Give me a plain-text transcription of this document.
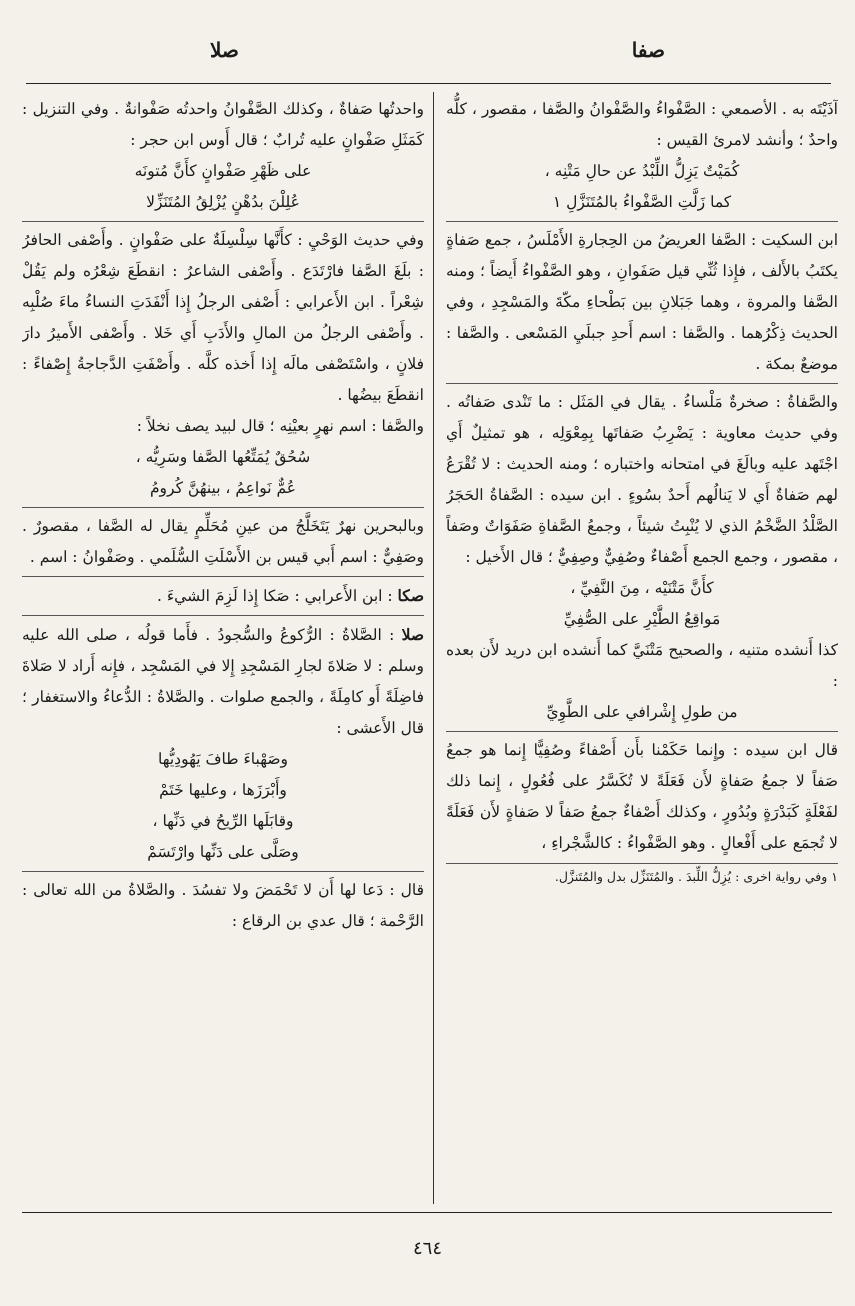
صفا
صلا

آذَيْتَه به . الأصمعي : الصَّفْواءُ والصَّفْوانُ والصَّفا ، مقصور ، كلُّه واحدٌ ؛ وأنشد لامرئ القيس :

كُمَيْتٌ يَزِلُّ اللِّبْدُ عن حالِ مَتْنِه ،
كما زَلَّتِ الصَّفْواءُ بالمُتَنَزَّلِ ١

ابن السكيت : الصَّفا العريضُ من الحِجارةِ الأَمْلَسُ ، جمع صَفاةٍ يكتَبُ بالأَلف ، فإِذا ثُنِّي قيل صَفَوانِ ، وهو الصَّفْواءُ أَيضاً ؛ ومنه الصَّفا والمروة ، وهما جَبَلانِ بين بَطْحاءِ مكّةَ والمَسْجِدِ ، وفي الحديث ذِكْرُهما . والصَّفا : اسم أَحدِ جبلَيِ المَسْعى . والصَّفا : موضعٌ بمكة .

والصَّفاةُ : صخرةٌ مَلْساءُ . يقال في المَثَل : ما تَنْدى صَفاتُه . وفي حديث معاوية : يَضْرِبُ صَفاتَها بِمِعْوَلِه ، هو تمثيلٌ أَي اجْتَهد عليه وبالَغَ في امتحانه واختباره ؛ ومنه الحديث : لا تُقْرَعُ لهم صَفاةٌ أَي لا يَنالُهم أَحدٌ بسُوءٍ . ابن سيده : الصَّفاةُ الحَجَرُ الصَّلْدُ الضَّخْمُ الذي لا يُنْبِتُ شيئاً ، وجمعُ الصَّفاةِ صَفَوَاتٌ وصَفاً ، مقصور ، وجمع الجمع أَصْفاءٌ وصُفِيٌّ وصِفِيٌّ ؛ قال الأَخيل :

كأَنَّ مَتْنَيْه ، مِنَ النَّفِيِّ ،
مَواقِعُ الطَّيْرِ على الصُّفِيِّ

كذا أَنشده متنيه ، والصحيح مَتْنَيَّ كما أَنشده ابن دريد لأَن بعده :

من طولِ إِشْرافي على الطَّوِيِّ

قال ابن سيده : وإِنما حَكَمْنا بأَن أَصْفاءً وصُفِيًّا إِنما هو جمعُ صَفاً لا جمعُ صَفاةٍ لأَن فَعَلَةً لا تُكَسَّرُ على فُعُولٍ ، إِنما ذلك لفَعْلَةٍ كَبَدْرَةٍ وبُدُورٍ ، وكذلك أَصْفاءٌ جمعُ صَفاً لا صَفاةٍ لأَن فَعَلَةً لا تُجمَع على أَفْعالٍ . وهو الصَّفْواءُ : كالشَّجْراءِ ،

١ وفي رواية اخرى : يُزِلُّ اللِّبدَ . والمُتَنَزِّل بدل والمُتَنزَّل.

واحدتُها صَفاةٌ ، وكذلك الصَّفْوانُ واحدتُه صَفْوانةٌ . وفي التنزيل : كَمَثَلِ صَفْوانٍ عليه تُرابٌ ؛ قال أَوس ابن حجر :

على ظَهْرِ صَفْوانٍ كأَنَّ مُتونَه
عُلِلْنَ بدُهْنٍ يُزْلِقُ المُتَنَزِّلا

وفي حديث الوَحْيِ : كأَنَّها سِلْسِلَةٌ على صَفْوانٍ . وأَصْفى الحافرُ : بلَغَ الصَّفا فارْتَدَع . وأَصْفى الشاعرُ : انقطَعَ شِعْرُه ولم يَقُلْ شِعْراً . ابن الأَعرابي : أَصْفى الرجلُ إِذا أَنْفَدَتِ النساءُ ماءَ صُلْبِه . وأَصْفى الرجلُ من المالِ والأَدَبِ أَي خَلا . وأَصْفى الأَميرُ دارَ فلانٍ ، واسْتَصْفى مالَه إِذا أَخذه كلَّه . وأَصْفَتِ الدَّجاجةُ إِصْفاءً : انقطَعَ بيضُها .

والصَّفا : اسم نهرٍ بعيْنِه ؛ قال لبيد يصف نخلاً :

سُحُقٌ يُمَتِّعُها الصَّفا وسَرِيُّه ،
عُمٌّ نَواعِمُ ، بينهُنَّ كُرومُ

وبالبحرين نهرٌ يَتَخَلَّجُ من عينِ مُحَلِّمٍ يقال له الصَّفا ، مقصورٌ . وصَفِيٌّ : اسم أَبي قيس بن الأَسْلَتِ السُّلَمي . وصَفْوانُ : اسم .

صكا : ابن الأَعرابي : صَكا إِذا لَزِمَ الشيءَ .

صلا : الصَّلاةُ : الرُّكوعُ والسُّجودُ . فأَما قولُه ، صلى الله عليه وسلم : لا صَلاةَ لجارِ المَسْجِدِ إِلا في المَسْجِد ، فإِنه أَراد لا صَلاةَ فاضِلَةً أَو كامِلَةً ، والجمع صلوات . والصَّلاةُ : الدُّعاءُ والاستغفار ؛ قال الأَعشى :

وصَهْباءَ طافَ يَهُودِيُّها
وأَبْرَزَها ، وعليها خَتَمْ

وقابَلَها الرِّيحُ في دَنِّها ،
وصَلَّى على دَنِّها وارْتَسَمْ

قال : دَعا لها أَن لا تَحْمَضَ ولا تفسُدَ . والصَّلاةُ من الله تعالى : الرَّحْمة ؛ قال عدي بن الرقاع :

٤٦٤
